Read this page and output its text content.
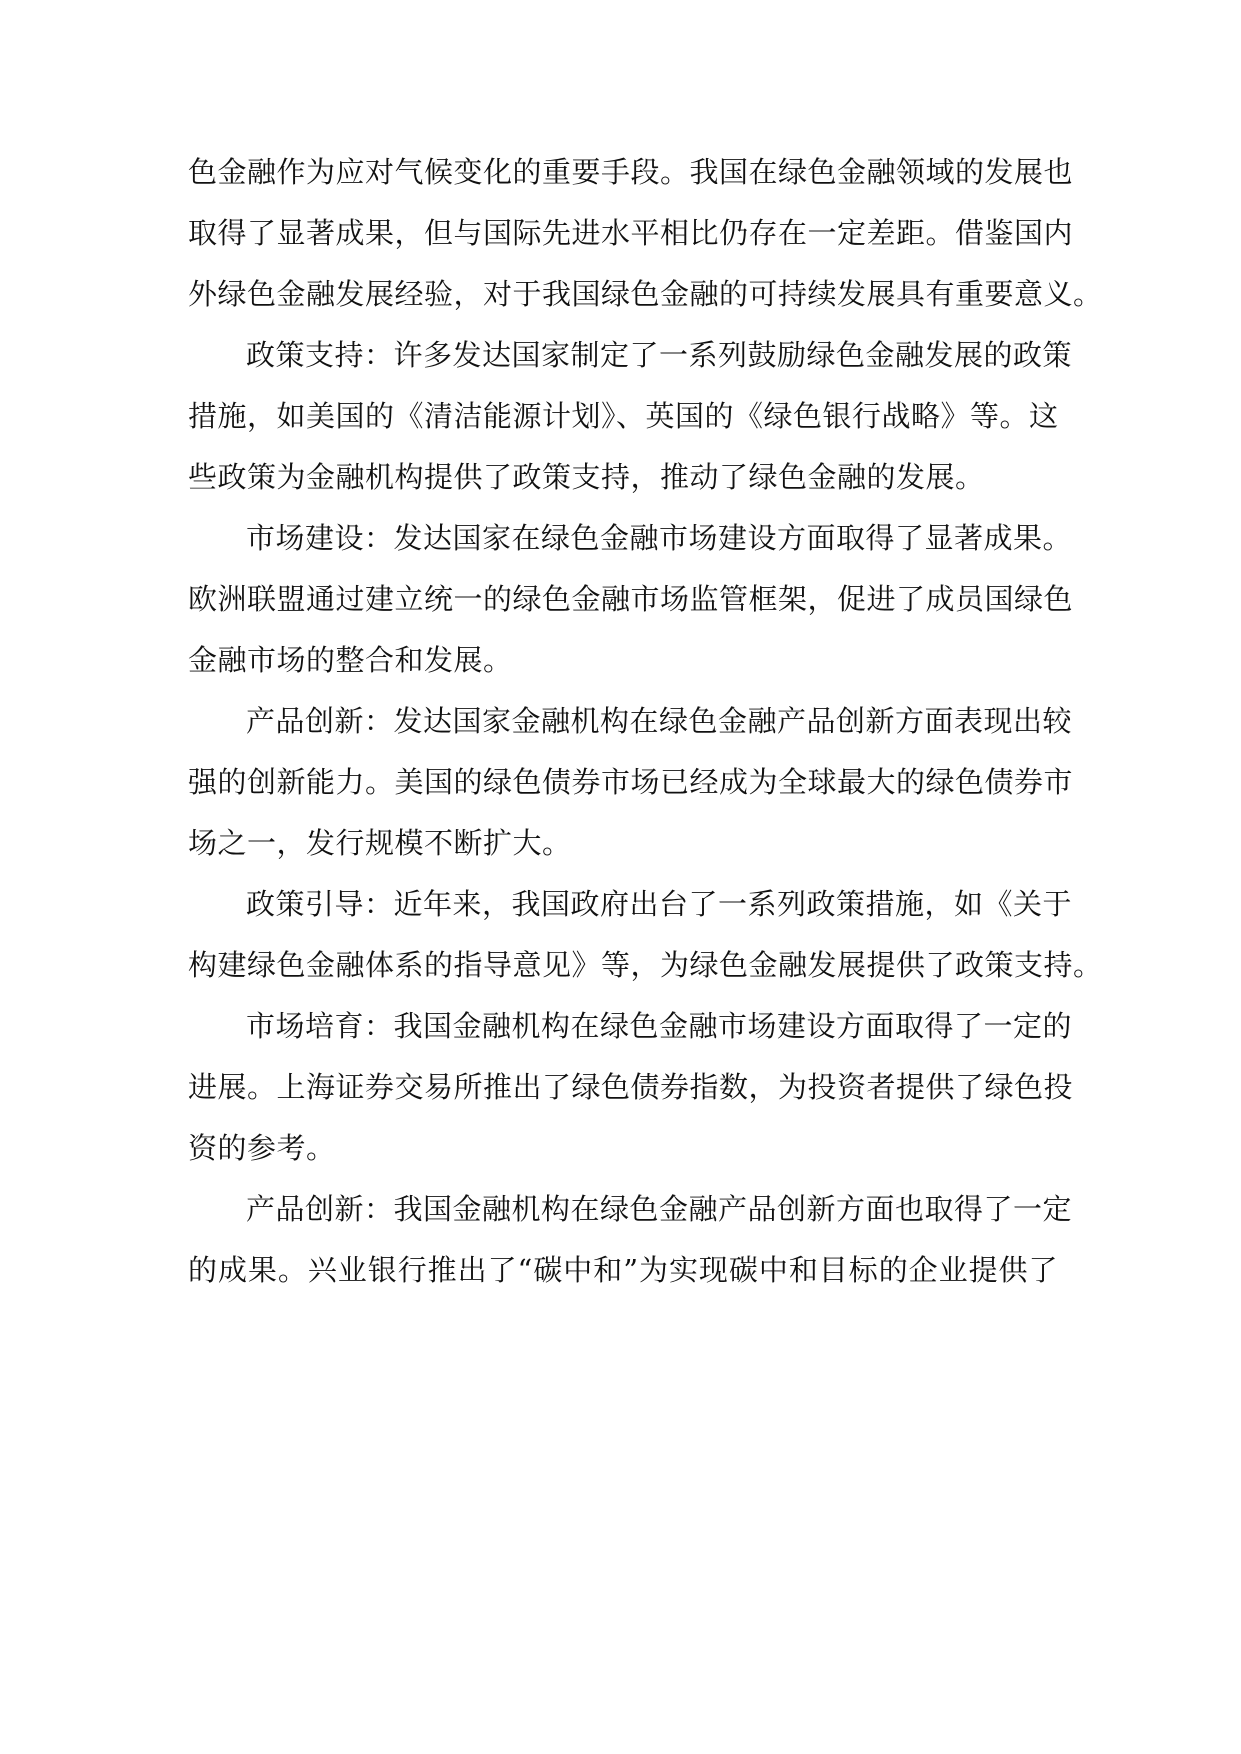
色金融作为应对气候变化的重要手段。我国在绿色金融领域的发展也
取得了显著成果，但与国际先进水平相比仍存在一定差距。借鉴国内
外绿色金融发展经验，对于我国绿色金融的可持续发展具有重要意义。
政策支持：许多发达国家制定了一系列鼓励绿色金融发展的政策
措施，如美国的《清洁能源计划》、英国的《绿色银行战略》等。这
些政策为金融机构提供了政策支持，推动了绿色金融的发展。
市场建设：发达国家在绿色金融市场建设方面取得了显著成果。
欧洲联盟通过建立统一的绿色金融市场监管框架，促进了成员国绿色
金融市场的整合和发展。
产品创新：发达国家金融机构在绿色金融产品创新方面表现出较
强的创新能力。美国的绿色债券市场已经成为全球最大的绿色债券市
场之一，发行规模不断扩大。
政策引导：近年来，我国政府出台了一系列政策措施，如《关于
构建绿色金融体系的指导意见》等，为绿色金融发展提供了政策支持。
市场培育：我国金融机构在绿色金融市场建设方面取得了一定的
进展。上海证券交易所推出了绿色债券指数，为投资者提供了绿色投
资的参考。
产品创新：我国金融机构在绿色金融产品创新方面也取得了一定
的成果。兴业银行推出了“碳中和”为实现碳中和目标的企业提供了
